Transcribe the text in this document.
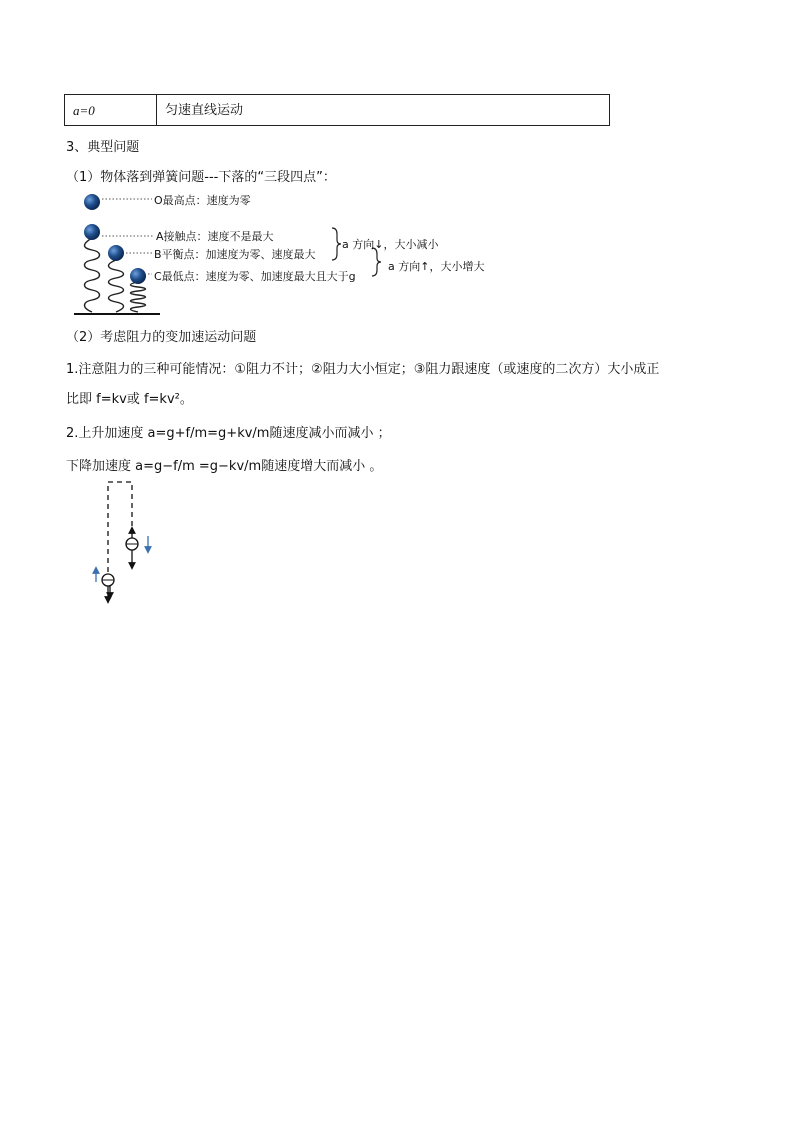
a=0	匀速直线运动
3、典型问题
（1）物体落到弹簧问题---下落的“三段四点”：
O最高点：速度为零
A接触点：速度不是最大
B平衡点：加速度为零、速度最大
C最低点：速度为零、加速度最大且大于g
a 方向↓，大小减小
a 方向↑，大小增大
（2）考虑阻力的变加速运动问题
1.注意阻力的三种可能情况：①阻力不计；②阻力大小恒定；③阻力跟速度（或速度的二次方）大小成正
比即 f=kv或 f=kv²。
2.上升加速度 a=g+f/m=g+kv/m随速度减小而减小 ；
下降加速度 a=g−f/m =g−kv/m随速度增大而减小 。
